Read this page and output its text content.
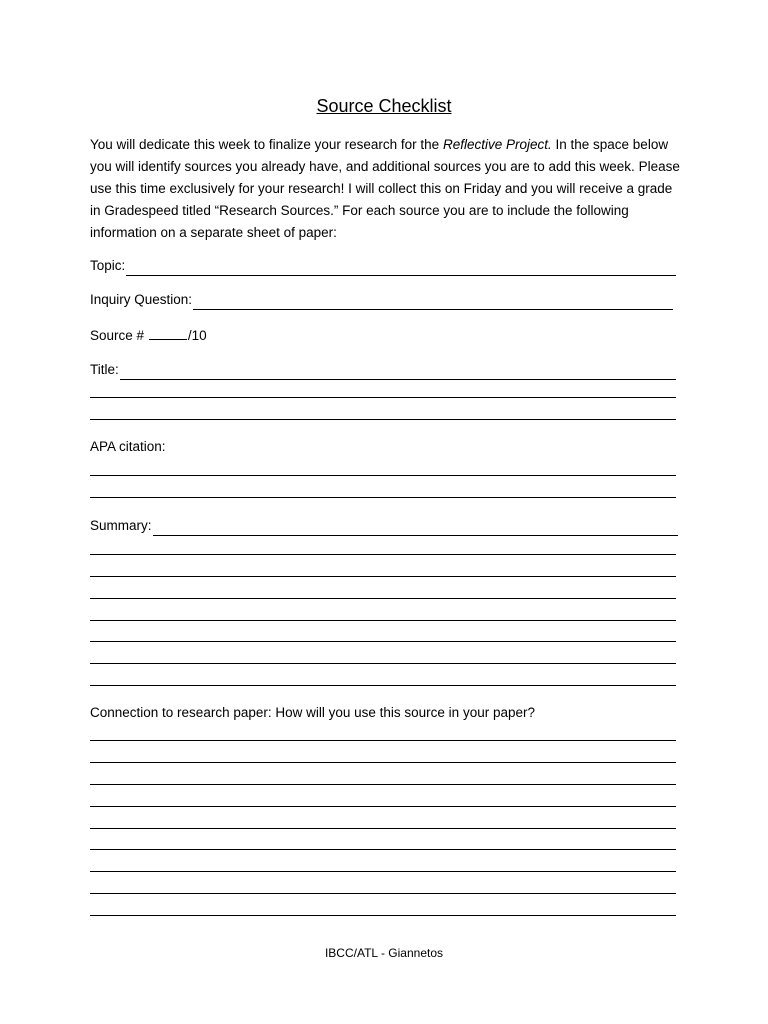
Source Checklist
You will dedicate this week to finalize your research for the Reflective Project. In the space below you will identify sources you already have, and additional sources you are to add this week. Please use this time exclusively for your research! I will collect this on Friday and you will receive a grade in Gradespeed titled “Research Sources.” For each source you are to include the following information on a separate sheet of paper:
Topic:
Inquiry Question:
Source #	/10
Title:
APA citation:
Summary:
Connection to research paper: How will you use this source in your paper?
IBCC/ATL - Giannetos
